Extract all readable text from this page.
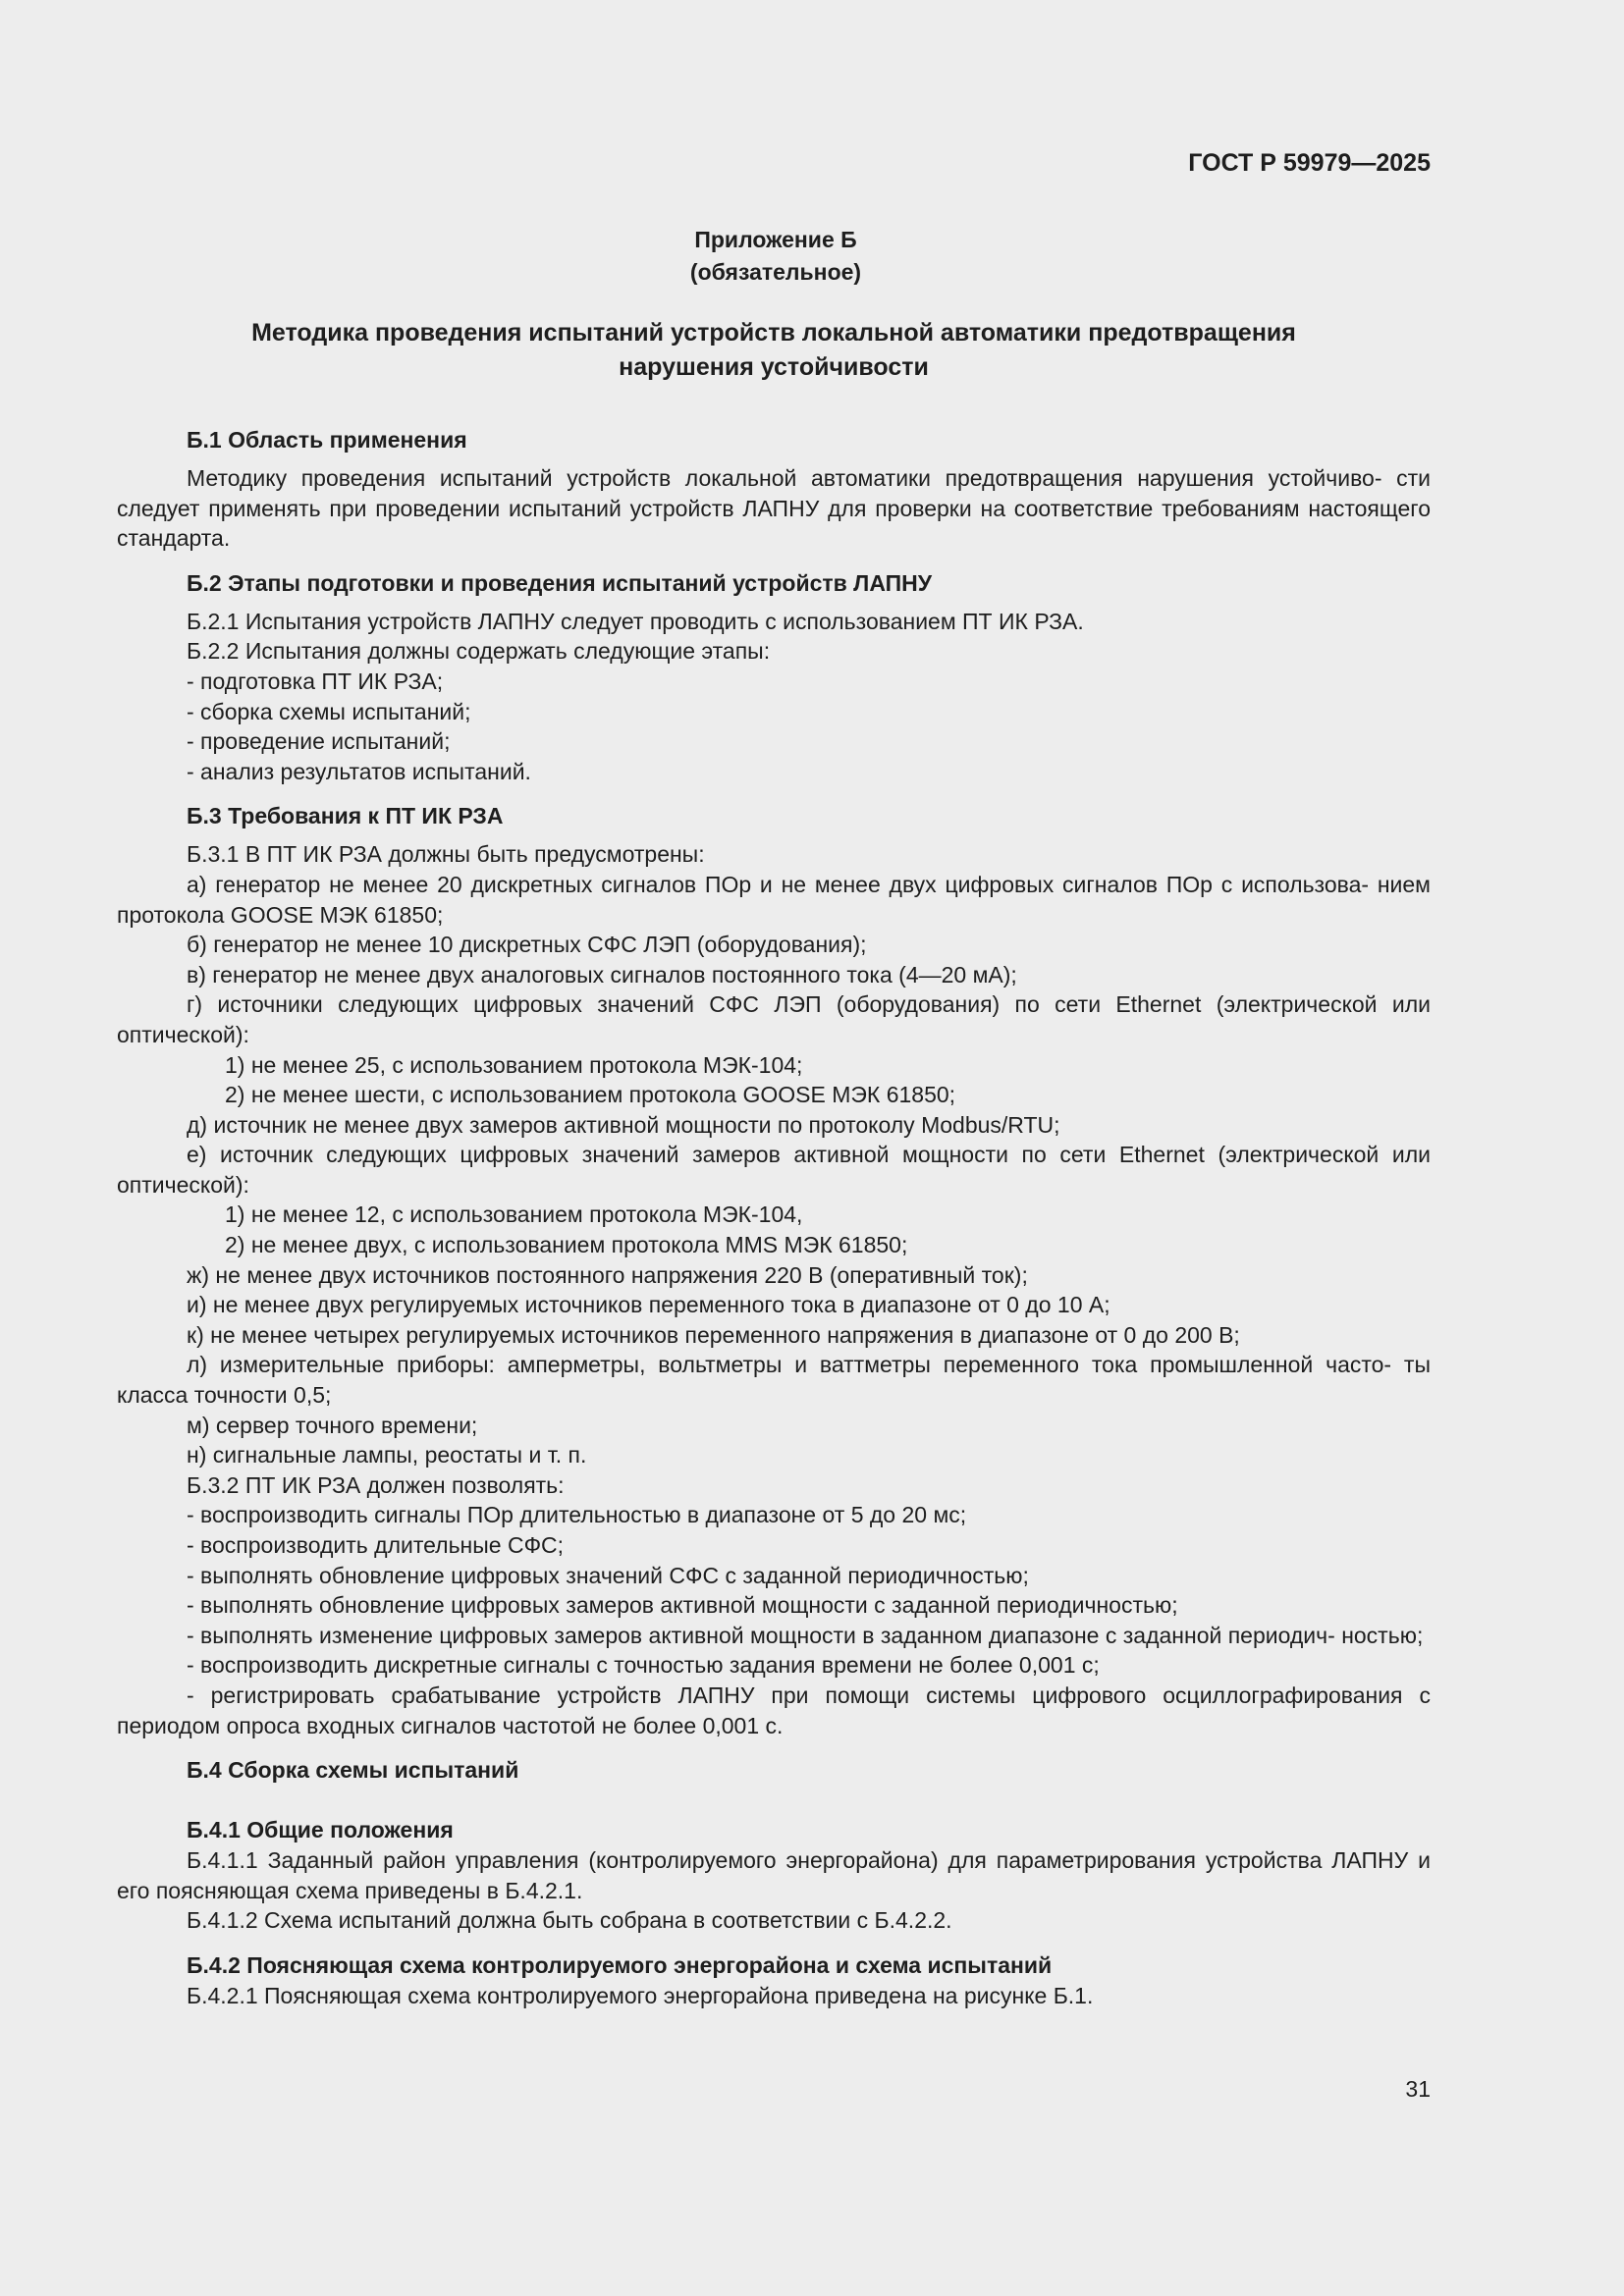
ГОСТ Р 59979—2025
Приложение Б
(обязательное)
Методика проведения испытаний устройств локальной автоматики предотвращения
нарушения устойчивости
Б.1 Область применения

Методику проведения испытаний устройств локальной автоматики предотвращения нарушения устойчиво- сти следует применять при проведении испытаний устройств ЛАПНУ для проверки на соответствие требованиям настоящего стандарта.

Б.2 Этапы подготовки и проведения испытаний устройств ЛАПНУ

Б.2.1 Испытания устройств ЛАПНУ следует проводить с использованием ПТ ИК РЗА.

Б.2.2 Испытания должны содержать следующие этапы:

- подготовка ПТ ИК РЗА;

- сборка схемы испытаний;

- проведение испытаний;

- анализ результатов испытаний.

Б.3 Требования к ПТ ИК РЗА

Б.3.1 В ПТ ИК РЗА должны быть предусмотрены:

а) генератор не менее 20 дискретных сигналов ПОр и не менее двух цифровых сигналов ПОр с использова- нием протокола GOOSE МЭК 61850;

б) генератор не менее 10 дискретных СФС ЛЭП (оборудования);

в) генератор не менее двух аналоговых сигналов постоянного тока (4—20 мА);

г) источники следующих цифровых значений СФС ЛЭП (оборудования) по сети Ethernet (электрической или оптической):

1) не менее 25, с использованием протокола МЭК-104;

2) не менее шести, с использованием протокола GOOSE МЭК 61850;

д) источник не менее двух замеров активной мощности по протоколу Modbus/RTU;

е) источник следующих цифровых значений замеров активной мощности по сети Ethernet (электрической или оптической):

1) не менее 12, с использованием протокола МЭК-104,

2) не менее двух, с использованием протокола MMS МЭК 61850;

ж) не менее двух источников постоянного напряжения 220 В (оперативный ток);

и) не менее двух регулируемых источников переменного тока в диапазоне от 0 до 10 А;

к) не менее четырех регулируемых источников переменного напряжения в диапазоне от 0 до 200 В;

л) измерительные приборы: амперметры, вольтметры и ваттметры переменного тока промышленной часто- ты класса точности 0,5;

м) сервер точного времени;

н) сигнальные лампы, реостаты и т. п.

Б.3.2 ПТ ИК РЗА должен позволять:

- воспроизводить сигналы ПОр длительностью в диапазоне от 5 до 20 мс;

- воспроизводить длительные СФС;

- выполнять обновление цифровых значений СФС с заданной периодичностью;

- выполнять обновление цифровых замеров активной мощности с заданной периодичностью;

- выполнять изменение цифровых замеров активной мощности в заданном диапазоне с заданной периодич- ностью;

- воспроизводить дискретные сигналы с точностью задания времени не более 0,001 с;

- регистрировать срабатывание устройств ЛАПНУ при помощи системы цифрового осциллографирования с периодом опроса входных сигналов частотой не более 0,001 с.

Б.4 Сборка схемы испытаний
Б.4.1 Общие положения

Б.4.1.1 Заданный район управления (контролируемого энергорайона) для параметрирования устройства ЛАПНУ и его поясняющая схема приведены в Б.4.2.1.

Б.4.1.2 Схема испытаний должна быть собрана в соответствии с Б.4.2.2.

Б.4.2 Поясняющая схема контролируемого энергорайона и схема испытаний

Б.4.2.1 Поясняющая схема контролируемого энергорайона приведена на рисунке Б.1.

31
